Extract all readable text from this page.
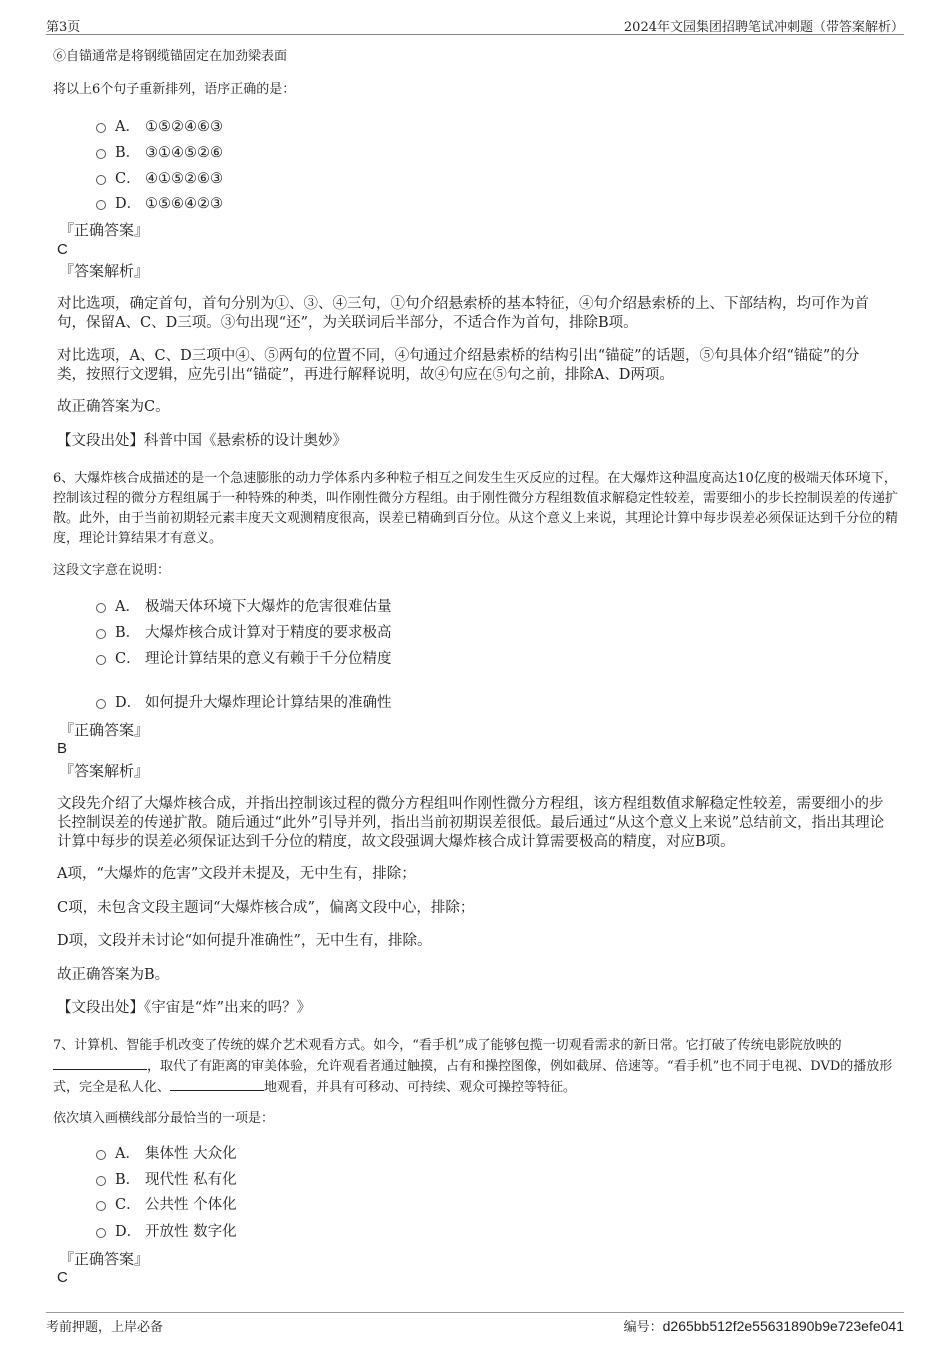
第3页	2024年文园集团招聘笔试冲刺题（带答案解析）
⑥自锚通常是将钢缆锚固定在加劲梁表面
将以上6个句子重新排列，语序正确的是：
A． ①⑤②④⑥③
B． ③①④⑤②⑥
C． ④①⑤②⑥③
D． ①⑤⑥④②③
『正确答案』
C
『答案解析』
对比选项，确定首句，首句分别为①、③、④三句，①句介绍悬索桥的基本特征，④句介绍悬索桥的上、下部结构，均可作为首句，保留A、C、D三项。③句出现“还”，为关联词后半部分，不适合作为首句，排除B项。
对比选项，A、C、D三项中④、⑤两句的位置不同，④句通过介绍悬索桥的结构引出“锚碇”的话题，⑤句具体介绍“锚碇”的分类，按照行文逻辑，应先引出“锚碇”，再进行解释说明，故④句应在⑤句之前，排除A、D两项。
故正确答案为C。
【文段出处】科普中国《悬索桥的设计奥妙》
6、大爆炸核合成描述的是一个急速膨胀的动力学体系内多种粒子相互之间发生生灭反应的过程。在大爆炸这种温度高达10亿度的极端天体环境下，控制该过程的微分方程组属于一种特殊的种类，叫作刚性微分方程组。由于刚性微分方程组数值求解稳定性较差，需要细小的步长控制误差的传递扩散。此外，由于当前初期轻元素丰度天文观测精度很高，误差已精确到百分位。从这个意义上来说，其理论计算中每步误差必须保证达到千分位的精度，理论计算结果才有意义。
这段文字意在说明：
A． 极端天体环境下大爆炸的危害很难估量
B． 大爆炸核合成计算对于精度的要求极高
C． 理论计算结果的意义有赖于千分位精度
D． 如何提升大爆炸理论计算结果的准确性
『正确答案』
B
『答案解析』
文段先介绍了大爆炸核合成，并指出控制该过程的微分方程组叫作刚性微分方程组，该方程组数值求解稳定性较差，需要细小的步长控制误差的传递扩散。随后通过“此外”引导并列，指出当前初期误差很低。最后通过“从这个意义上来说”总结前文，指出其理论计算中每步的误差必须保证达到千分位的精度，故文段强调大爆炸核合成计算需要极高的精度，对应B项。
A项，“大爆炸的危害”文段并未提及，无中生有，排除；
C项，未包含文段主题词“大爆炸核合成”，偏离文段中心，排除；
D项，文段并未讨论“如何提升准确性”，无中生有，排除。
故正确答案为B。
【文段出处】《宇宙是“炸”出来的吗？》
7、计算机、智能手机改变了传统的媒介艺术观看方式。如今，“看手机”成了能够包揽一切观看需求的新日常。它打破了传统电影院放映的
，取代了有距离的审美体验，允许观看者通过触摸，占有和操控图像，例如截屏、倍速等。“看手机”也不同于电视、DVD的播放形式，完全是私人化、	地观看，并具有可移动、可持续、观众可操控等特征。
依次填入画横线部分最恰当的一项是：
A． 集体性 大众化
B． 现代性 私有化
C． 公共性 个体化
D． 开放性 数字化
『正确答案』
C
考前押题，上岸必备	编号：d265bb512f2e55631890b9e723efe041
